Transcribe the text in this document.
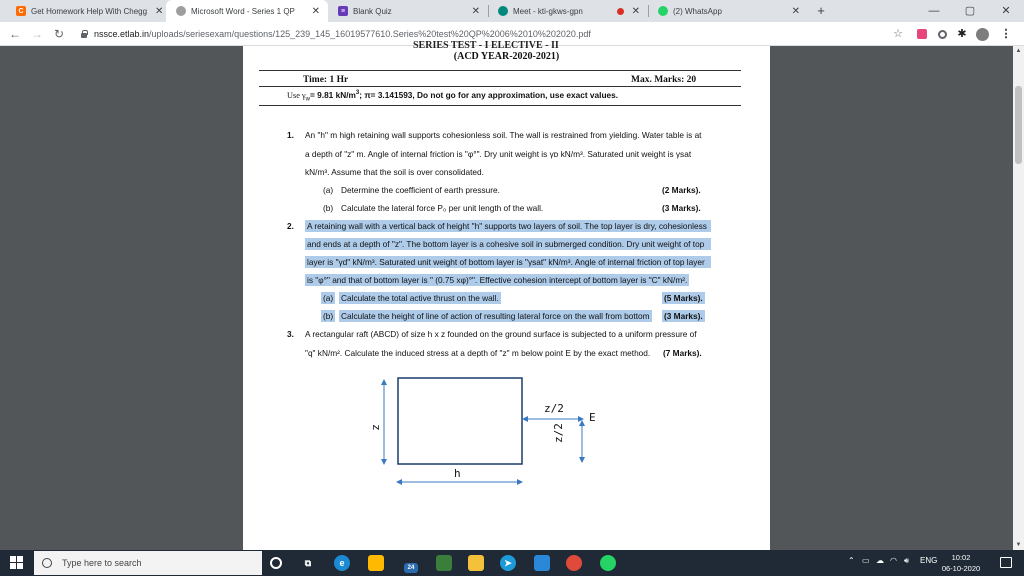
C Get Homework Help With Chegg ✕	Microsoft Word - Series 1 QP	✕	≡ Blank Quiz	✕	Meet - kti-gkws-gpn	✕	(2) WhatsApp	✕	+	—	▢	✕
← → ↻	nssce.etlab.in /uploads/seriesexam/questions/125_239_145_16019577610.Series%20test%20QP%2006%2010%202020.pdf	☆	✱	⋮
SERIES TEST - I ELECTIVE - II
(ACD YEAR-2020-2021)
Time: 1 Hr	Max. Marks: 20
Use $\gamma_w= 9.81$ $kN/m^3$; π= 3.141593, Do not go for any approximation, use exact values.
1. An "h" m high retaining wall supports cohesionless soil. The wall is restrained from yielding. Water table is at
a depth of "z" m. Angle of internal friction is "φ°". Dry unit weight is γᴅ kN/m³. Saturated unit weight is γsat
kN/m³. Assume that the soil is over consolidated.
(a) Determine the coefficient of earth pressure.	(2 Marks).
(b) Calculate the lateral force P₀ per unit length of the wall.	(3 Marks).
2. A retaining wall with a vertical back of height "h" supports two layers of soil. The top layer is dry, cohesionless
and ends at a depth of "z". The bottom layer is a cohesive soil in submerged condition. Dry unit weight of top
layer is "γd" kN/m³. Saturated unit weight of bottom layer is "γsat" kN/m³. Angle of internal friction of top layer
is "φ°" and that of bottom layer is " (0.75 xφ)°". Effective cohesion intercept of bottom layer is "C" kN/m².
(a) Calculate the total active thrust on the wall.	(5 Marks).
(b) Calculate the height of line of action of resulting lateral force on the wall from bottom (3 Marks).
3. A rectangular raft (ABCD) of size h x z founded on the ground surface is subjected to a uniform pressure of
"q" kN/m². Calculate the induced stress at a depth of "z" m below point E by the exact method. (7 Marks).
z
h
z/2
z/2
E
▲
▼
Type here to search	⧉	e	24	➤	⌃ ▭ ☁ ◠ 🔊︎ ENG	10:02
06-10-2020
